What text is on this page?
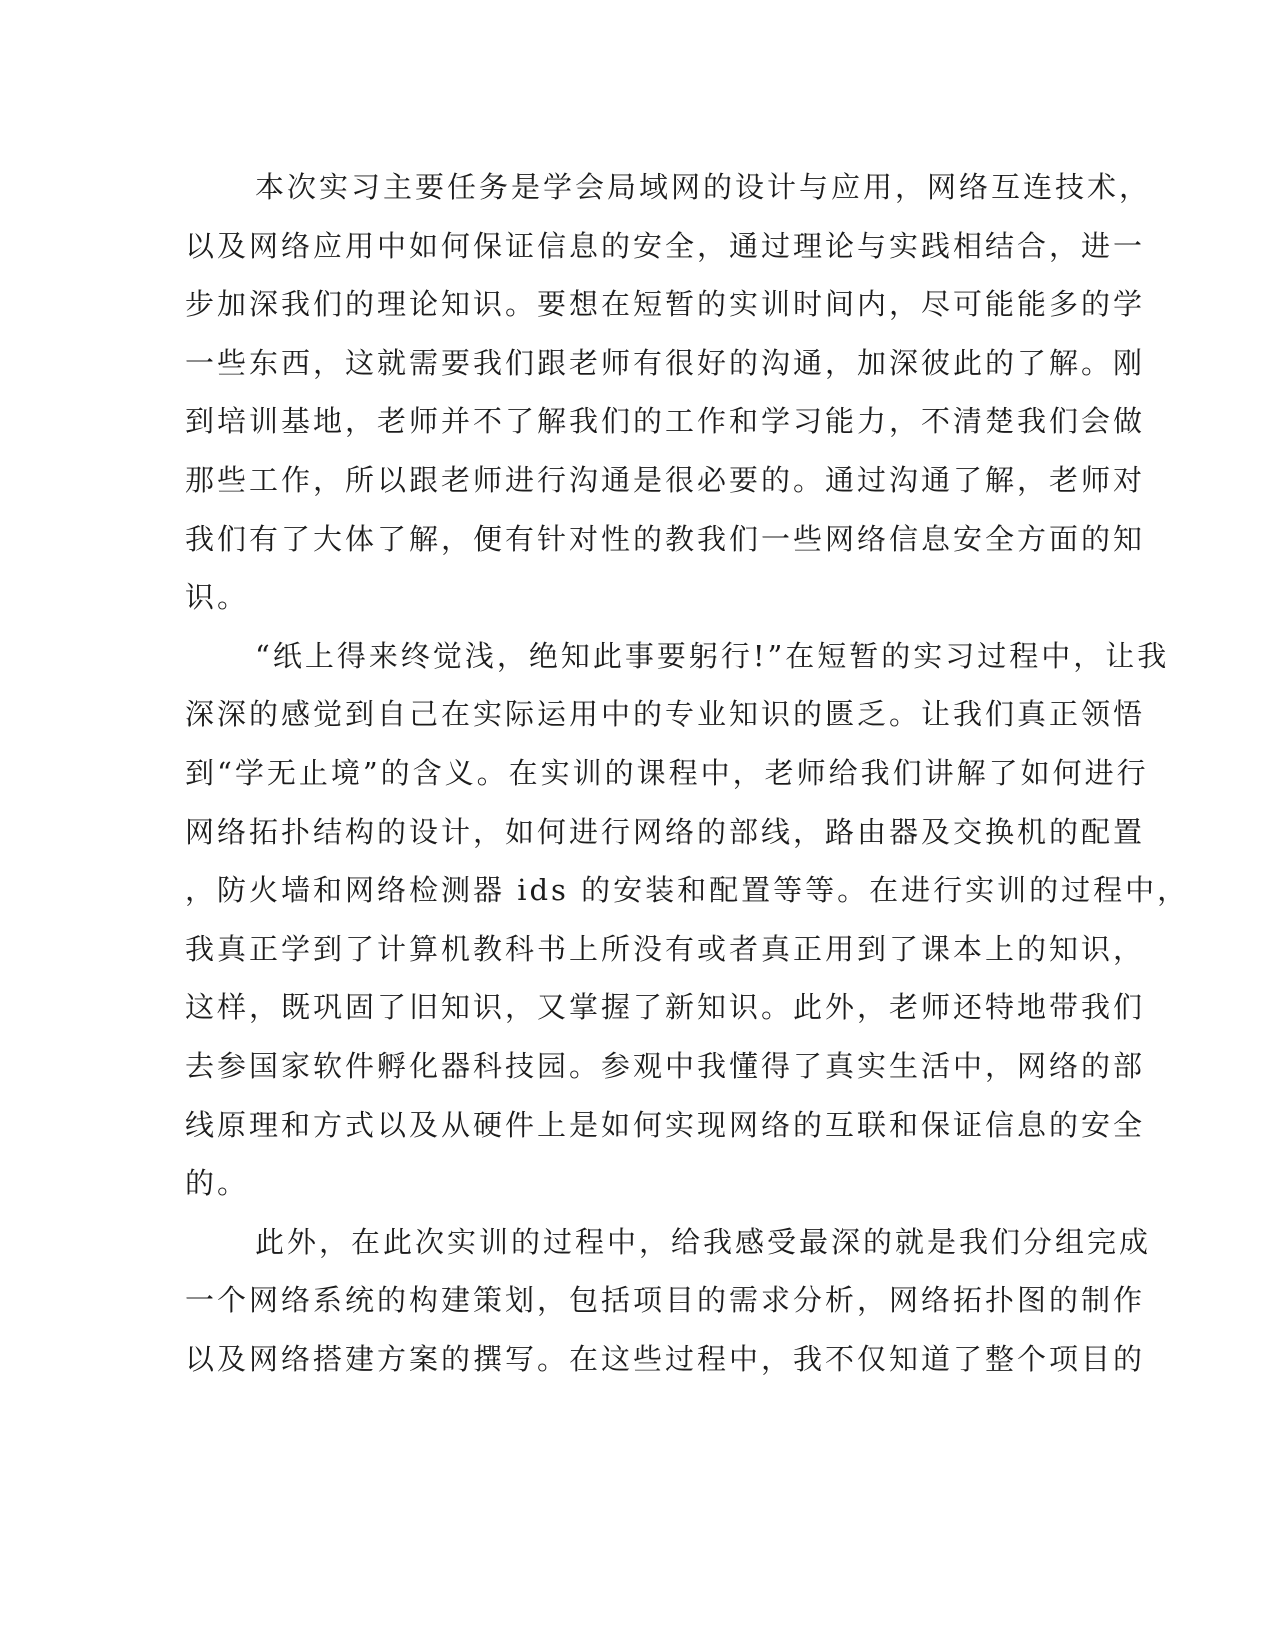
本次实习主要任务是学会局域网的设计与应用，网络互连技术，
以及网络应用中如何保证信息的安全，通过理论与实践相结合，进一
步加深我们的理论知识。要想在短暂的实训时间内，尽可能能多的学
一些东西，这就需要我们跟老师有很好的沟通，加深彼此的了解。刚
到培训基地，老师并不了解我们的工作和学习能力，不清楚我们会做
那些工作，所以跟老师进行沟通是很必要的。通过沟通了解，老师对
我们有了大体了解，便有针对性的教我们一些网络信息安全方面的知
识。
“纸上得来终觉浅，绝知此事要躬行!”在短暂的实习过程中，让我
深深的感觉到自己在实际运用中的专业知识的匮乏。让我们真正领悟
到“学无止境”的含义。在实训的课程中，老师给我们讲解了如何进行
网络拓扑结构的设计，如何进行网络的部线，路由器及交换机的配置
，防火墙和网络检测器 ids 的安装和配置等等。在进行实训的过程中，
我真正学到了计算机教科书上所没有或者真正用到了课本上的知识，
这样，既巩固了旧知识，又掌握了新知识。此外，老师还特地带我们
去参国家软件孵化器科技园。参观中我懂得了真实生活中，网络的部
线原理和方式以及从硬件上是如何实现网络的互联和保证信息的安全
的。
此外，在此次实训的过程中，给我感受最深的就是我们分组完成
一个网络系统的构建策划，包括项目的需求分析，网络拓扑图的制作
以及网络搭建方案的撰写。在这些过程中，我不仅知道了整个项目的
